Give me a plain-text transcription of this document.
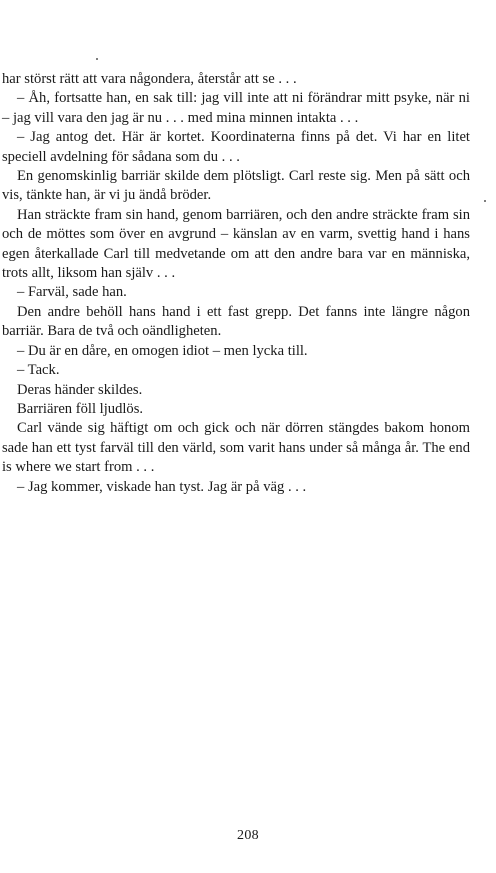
har störst rätt att vara någondera, återstår att se . . .

– Åh, fortsatte han, en sak till: jag vill inte att ni förändrar mitt psyke, när ni – jag vill vara den jag är nu . . . med mina minnen intakta . . .

– Jag antog det. Här är kortet. Koordinaterna finns på det. Vi har en litet speciell avdelning för sådana som du . . .

En genomskinlig barriär skilde dem plötsligt. Carl reste sig. Men på sätt och vis, tänkte han, är vi ju ändå bröder.

Han sträckte fram sin hand, genom barriären, och den andre sträckte fram sin och de möttes som över en avgrund – känslan av en varm, svettig hand i hans egen återkallade Carl till medvetande om att den andre bara var en människa, trots allt, liksom han själv . . .

– Farväl, sade han.

Den andre behöll hans hand i ett fast grepp. Det fanns inte längre någon barriär. Bara de två och oändligheten.

– Du är en dåre, en omogen idiot – men lycka till.

– Tack.

Deras händer skildes.

Barriären föll ljudlös.

Carl vände sig häftigt om och gick och när dörren stängdes bakom honom sade han ett tyst farväl till den värld, som varit hans under så många år. The end is where we start from . . .

– Jag kommer, viskade han tyst. Jag är på väg . . .

208
